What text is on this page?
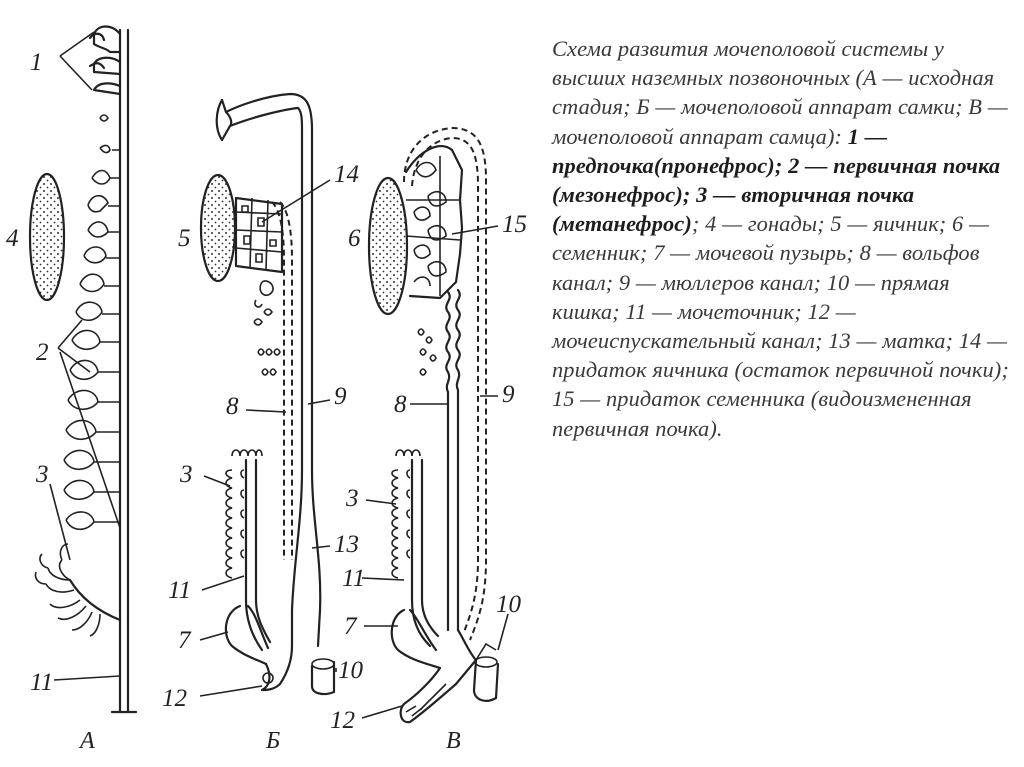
1
4
2
3
11
5
14
8	9
3
13
11
7
12
10
6
15
8	9
3
11
7
10
12
А	Б	В
Схема развития мочеполовой системы у высших наземных позвоночных (А — исходная стадия; Б — мочеполовой аппарат самки; В — мочеполовой аппарат самца): 1 — предпочка(пронефрос); 2 — первичная почка (мезонефрос); 3 — вторичная почка (метанефрос); 4 — гонады; 5 — яичник; 6 — семенник; 7 — мочевой пузырь; 8 — вольфов канал; 9 — мюллеров канал; 10 — прямая кишка; 11 — мочеточник; 12 — мочеиспускательный канал; 13 — матка; 14 — придаток яичника (остаток первичной почки); 15 — придаток семенника (видоизмененная первичная почка).
